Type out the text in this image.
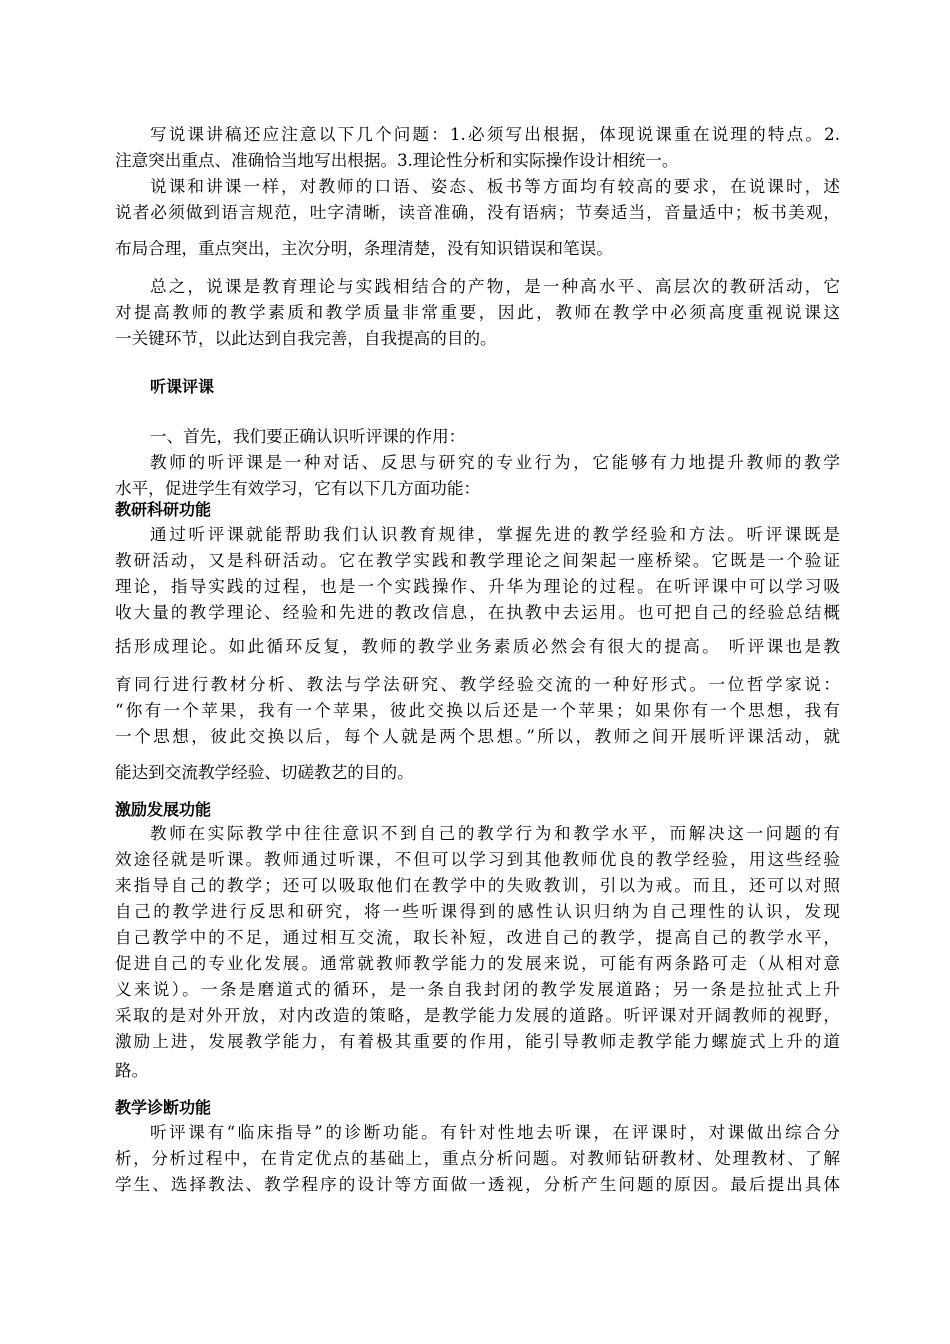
写说课讲稿还应注意以下几个问题：1.必须写出根据，体现说课重在说理的特点。2.
注意突出重点、准确恰当地写出根据。3.理论性分析和实际操作设计相统一。
说课和讲课一样，对教师的口语、姿态、板书等方面均有较高的要求，在说课时，述
说者必须做到语言规范，吐字清晰，读音准确，没有语病；节奏适当，音量适中；板书美观，
布局合理，重点突出，主次分明，条理清楚，没有知识错误和笔误。
总之，说课是教育理论与实践相结合的产物，是一种高水平、高层次的教研活动，它
对提高教师的教学素质和教学质量非常重要，因此，教师在教学中必须高度重视说课这
一关键环节，以此达到自我完善，自我提高的目的。
听课评课
一、首先，我们要正确认识听评课的作用：
教师的听评课是一种对话、反思与研究的专业行为，它能够有力地提升教师的教学
水平，促进学生有效学习，它有以下几方面功能：
教研科研功能
通过听评课就能帮助我们认识教育规律，掌握先进的教学经验和方法。听评课既是
教研活动，又是科研活动。它在教学实践和教学理论之间架起一座桥梁。它既是一个验证
理论，指导实践的过程，也是一个实践操作、升华为理论的过程。在听评课中可以学习吸
收大量的教学理论、经验和先进的教改信息，在执教中去运用。也可把自己的经验总结概
括形成理论。如此循环反复，教师的教学业务素质必然会有很大的提高。 听评课也是教
育同行进行教材分析、教法与学法研究、教学经验交流的一种好形式。一位哲学家说：
“你有一个苹果，我有一个苹果，彼此交换以后还是一个苹果；如果你有一个思想，我有
一个思想，彼此交换以后，每个人就是两个思想。”所以，教师之间开展听评课活动，就
能达到交流教学经验、切磋教艺的目的。
激励发展功能
教师在实际教学中往往意识不到自己的教学行为和教学水平，而解决这一问题的有
效途径就是听课。教师通过听课，不但可以学习到其他教师优良的教学经验，用这些经验
来指导自己的教学；还可以吸取他们在教学中的失败教训，引以为戒。而且，还可以对照
自己的教学进行反思和研究，将一些听课得到的感性认识归纳为自己理性的认识，发现
自己教学中的不足，通过相互交流，取长补短，改进自己的教学，提高自己的教学水平，
促进自己的专业化发展。通常就教师教学能力的发展来说，可能有两条路可走（从相对意
义来说）。一条是磨道式的循环，是一条自我封闭的教学发展道路；另一条是拉扯式上升
采取的是对外开放，对内改造的策略，是教学能力发展的道路。听评课对开阔教师的视野，
激励上进，发展教学能力，有着极其重要的作用，能引导教师走教学能力螺旋式上升的道
路。
教学诊断功能
听评课有“临床指导”的诊断功能。有针对性地去听课，在评课时，对课做出综合分
析，分析过程中，在肯定优点的基础上，重点分析问题。对教师钻研教材、处理教材、了解
学生、选择教法、教学程序的设计等方面做一透视，分析产生问题的原因。最后提出具体
